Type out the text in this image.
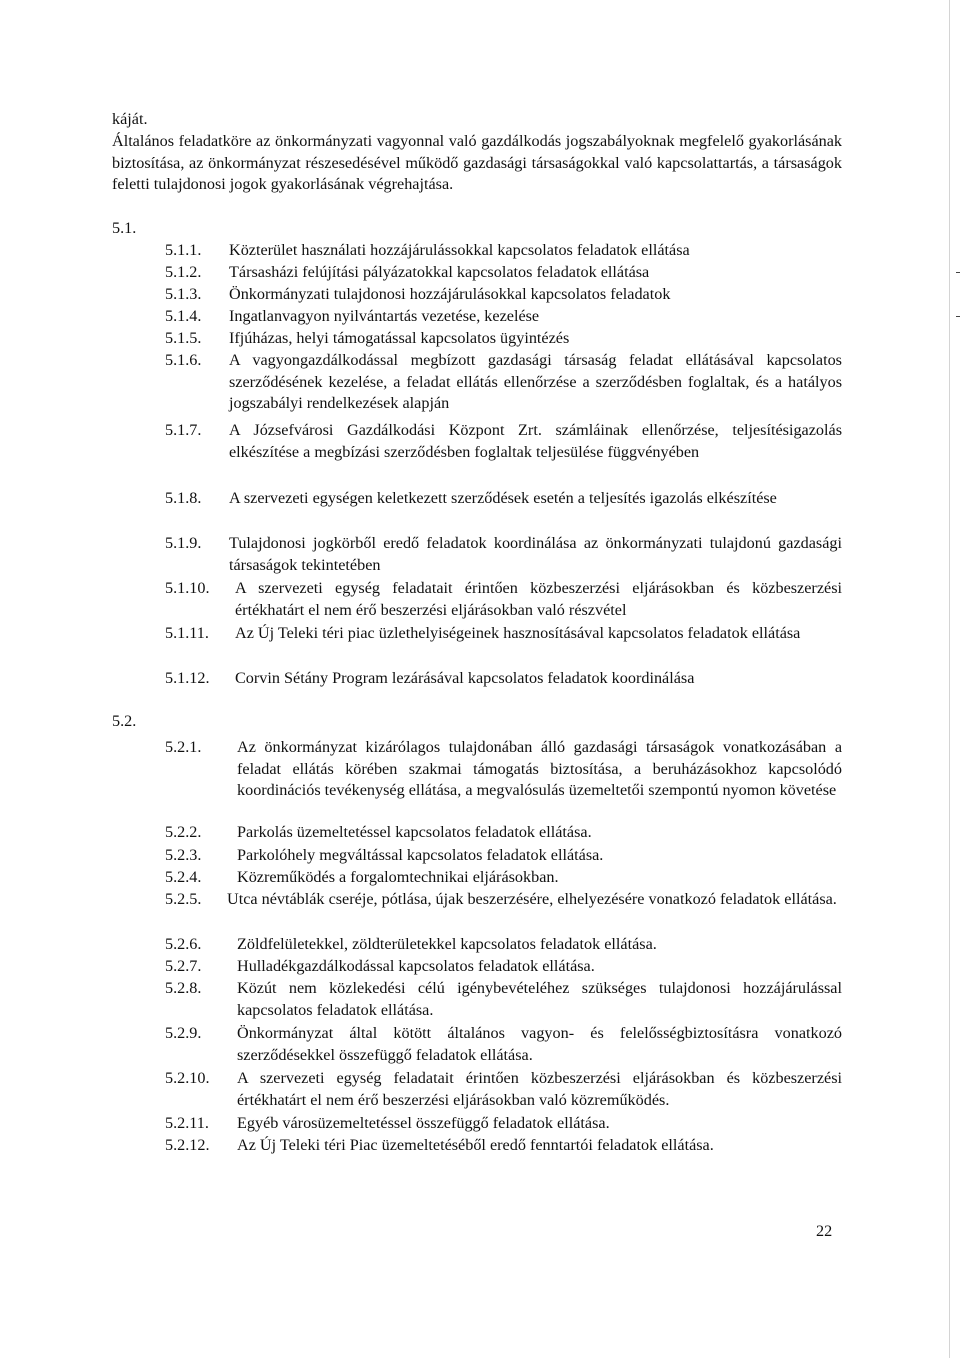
káját.

Általános feladatköre az önkormányzati vagyonnal való gazdálkodás jogszabályoknak megfelelő gyakorlásának biztosítása, az önkormányzat részesedésével működő gazdasági társaságokkal való kapcsolattartás, a társaságok feletti tulajdonosi jogok gyakorlásának végrehajtása.

5.1.
5.1.1.	Közterület használati hozzájárulássokkal kapcsolatos feladatok ellátása
5.1.2.	Társasházi felújítási pályázatokkal kapcsolatos feladatok ellátása
5.1.3.	Önkormányzati tulajdonosi hozzájárulásokkal kapcsolatos feladatok
5.1.4.	Ingatlanvagyon nyilvántartás vezetése, kezelése
5.1.5.	Ifjúházas, helyi támogatással kapcsolatos ügyintézés
5.1.6.	A vagyongazdálkodással megbízott gazdasági társaság feladat ellátásával kapcsolatos szerződésének kezelése, a feladat ellátás ellenőrzése a szerződésben foglaltak, és a hatályos jogszabályi rendelkezések alapján
5.1.7.	A Józsefvárosi Gazdálkodási Központ Zrt. számláinak ellenőrzése, teljesítésigazolás elkészítése a megbízási szerződésben foglaltak teljesülése függvényében
5.1.8.	A szervezeti egységen keletkezett szerződések esetén a teljesítés igazolás elkészítése
5.1.9.	Tulajdonosi jogkörből eredő feladatok koordinálása az önkormányzati tulajdonú gazdasági társaságok tekintetében
5.1.10.	A szervezeti egység feladatait érintően közbeszerzési eljárásokban és közbeszerzési értékhatárt el nem érő beszerzési eljárásokban való részvétel
5.1.11.	Az Új Teleki téri piac üzlethelyiségeinek hasznosításával kapcsolatos feladatok ellátása
5.1.12.	Corvin Sétány Program lezárásával kapcsolatos feladatok koordinálása
5.2.
5.2.1.	Az önkormányzat kizárólagos tulajdonában álló gazdasági társaságok vonatkozásában a feladat ellátás körében szakmai támogatás biztosítása, a beruházásokhoz kapcsolódó koordinációs tevékenység ellátása, a megvalósulás üzemeltetői szempontú nyomon követése
5.2.2.	Parkolás üzemeltetéssel kapcsolatos feladatok ellátása.
5.2.3.	Parkolóhely megváltással kapcsolatos feladatok ellátása.
5.2.4.	Közreműködés a forgalomtechnikai eljárásokban.
5.2.5.	Utca névtáblák cseréje, pótlása, újak beszerzésére, elhelyezésére vonatkozó feladatok ellátása.
5.2.6.	Zöldfelületekkel, zöldterületekkel kapcsolatos feladatok ellátása.
5.2.7.	Hulladékgazdálkodással kapcsolatos feladatok ellátása.
5.2.8.	Közút nem közlekedési célú igénybevételéhez szükséges tulajdonosi hozzájárulással kapcsolatos feladatok ellátása.
5.2.9.	Önkormányzat által kötött általános vagyon- és felelősségbiztosításra vonatkozó szerződésekkel összefüggő feladatok ellátása.
5.2.10.	A szervezeti egység feladatait érintően közbeszerzési eljárásokban és közbeszerzési értékhatárt el nem érő beszerzési eljárásokban való közreműködés.
5.2.11.	Egyéb városüzemeltetéssel összefüggő feladatok ellátása.
5.2.12.	Az Új Teleki téri Piac üzemeltetéséből eredő fenntartói feladatok ellátása.
22
